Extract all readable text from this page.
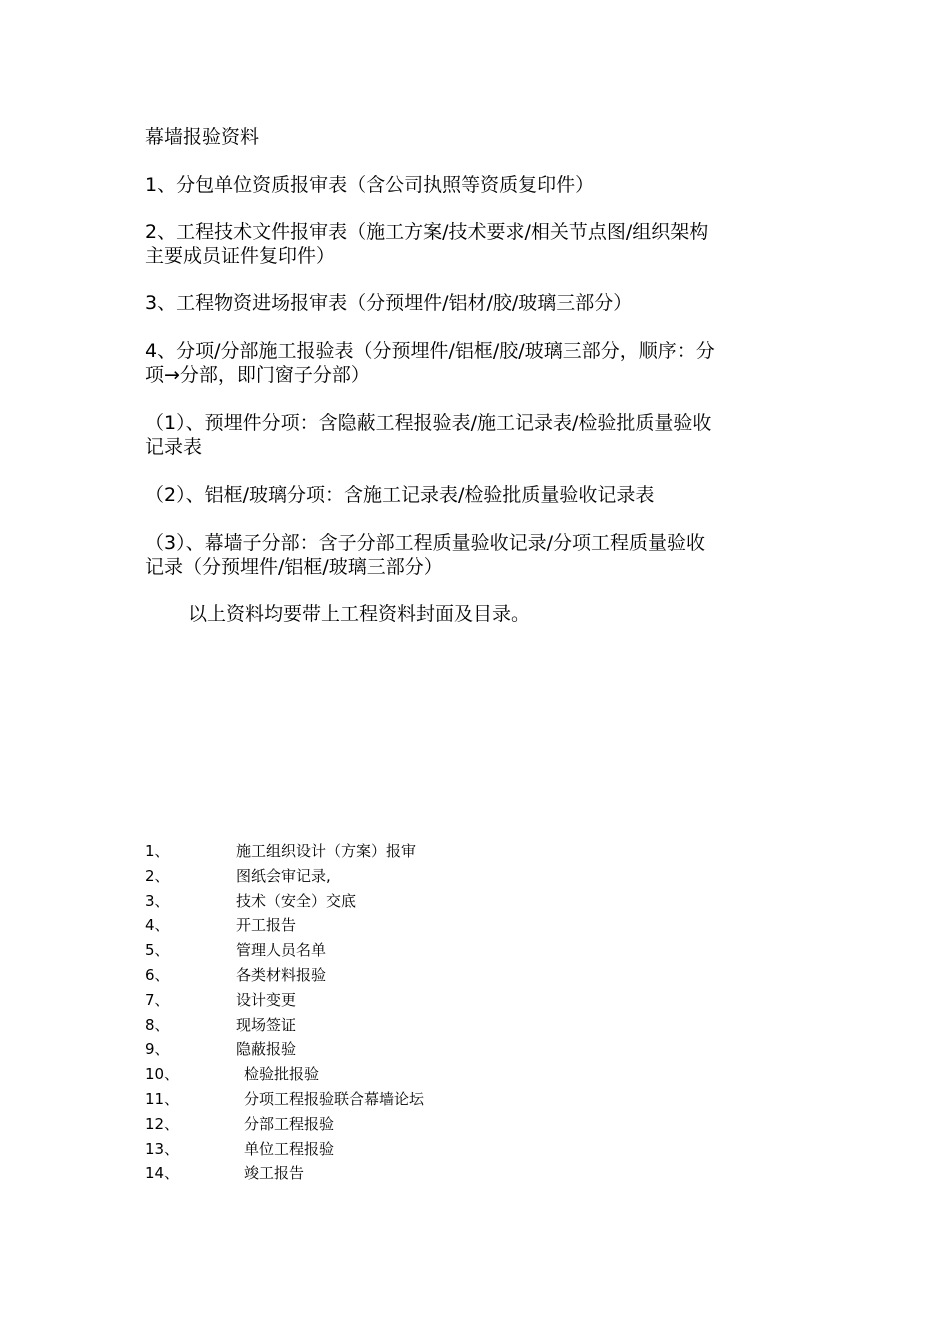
幕墙报验资料
1、分包单位资质报审表（含公司执照等资质复印件）
2、工程技术文件报审表（施工方案/技术要求/相关节点图/组织架构
主要成员证件复印件）
3、工程物资进场报审表（分预埋件/铝材/胶/玻璃三部分）
4、分项/分部施工报验表（分预埋件/铝框/胶/玻璃三部分，顺序：分
项→分部，即门窗子分部）
（1）、预埋件分项：含隐蔽工程报验表/施工记录表/检验批质量验收
记录表
（2）、铝框/玻璃分项：含施工记录表/检验批质量验收记录表
（3）、幕墙子分部：含子分部工程质量验收记录/分项工程质量验收
记录（分预埋件/铝框/玻璃三部分）
以上资料均要带上工程资料封面及目录。
1、	施工组织设计（方案）报审
2、	图纸会审记录,
3、	技术（安全）交底
4、	开工报告
5、	管理人员名单
6、	各类材料报验
7、	设计变更
8、	现场签证
9、	隐蔽报验
10、	检验批报验
11、	分项工程报验联合幕墙论坛
12、	分部工程报验
13、	单位工程报验
14、	竣工报告
